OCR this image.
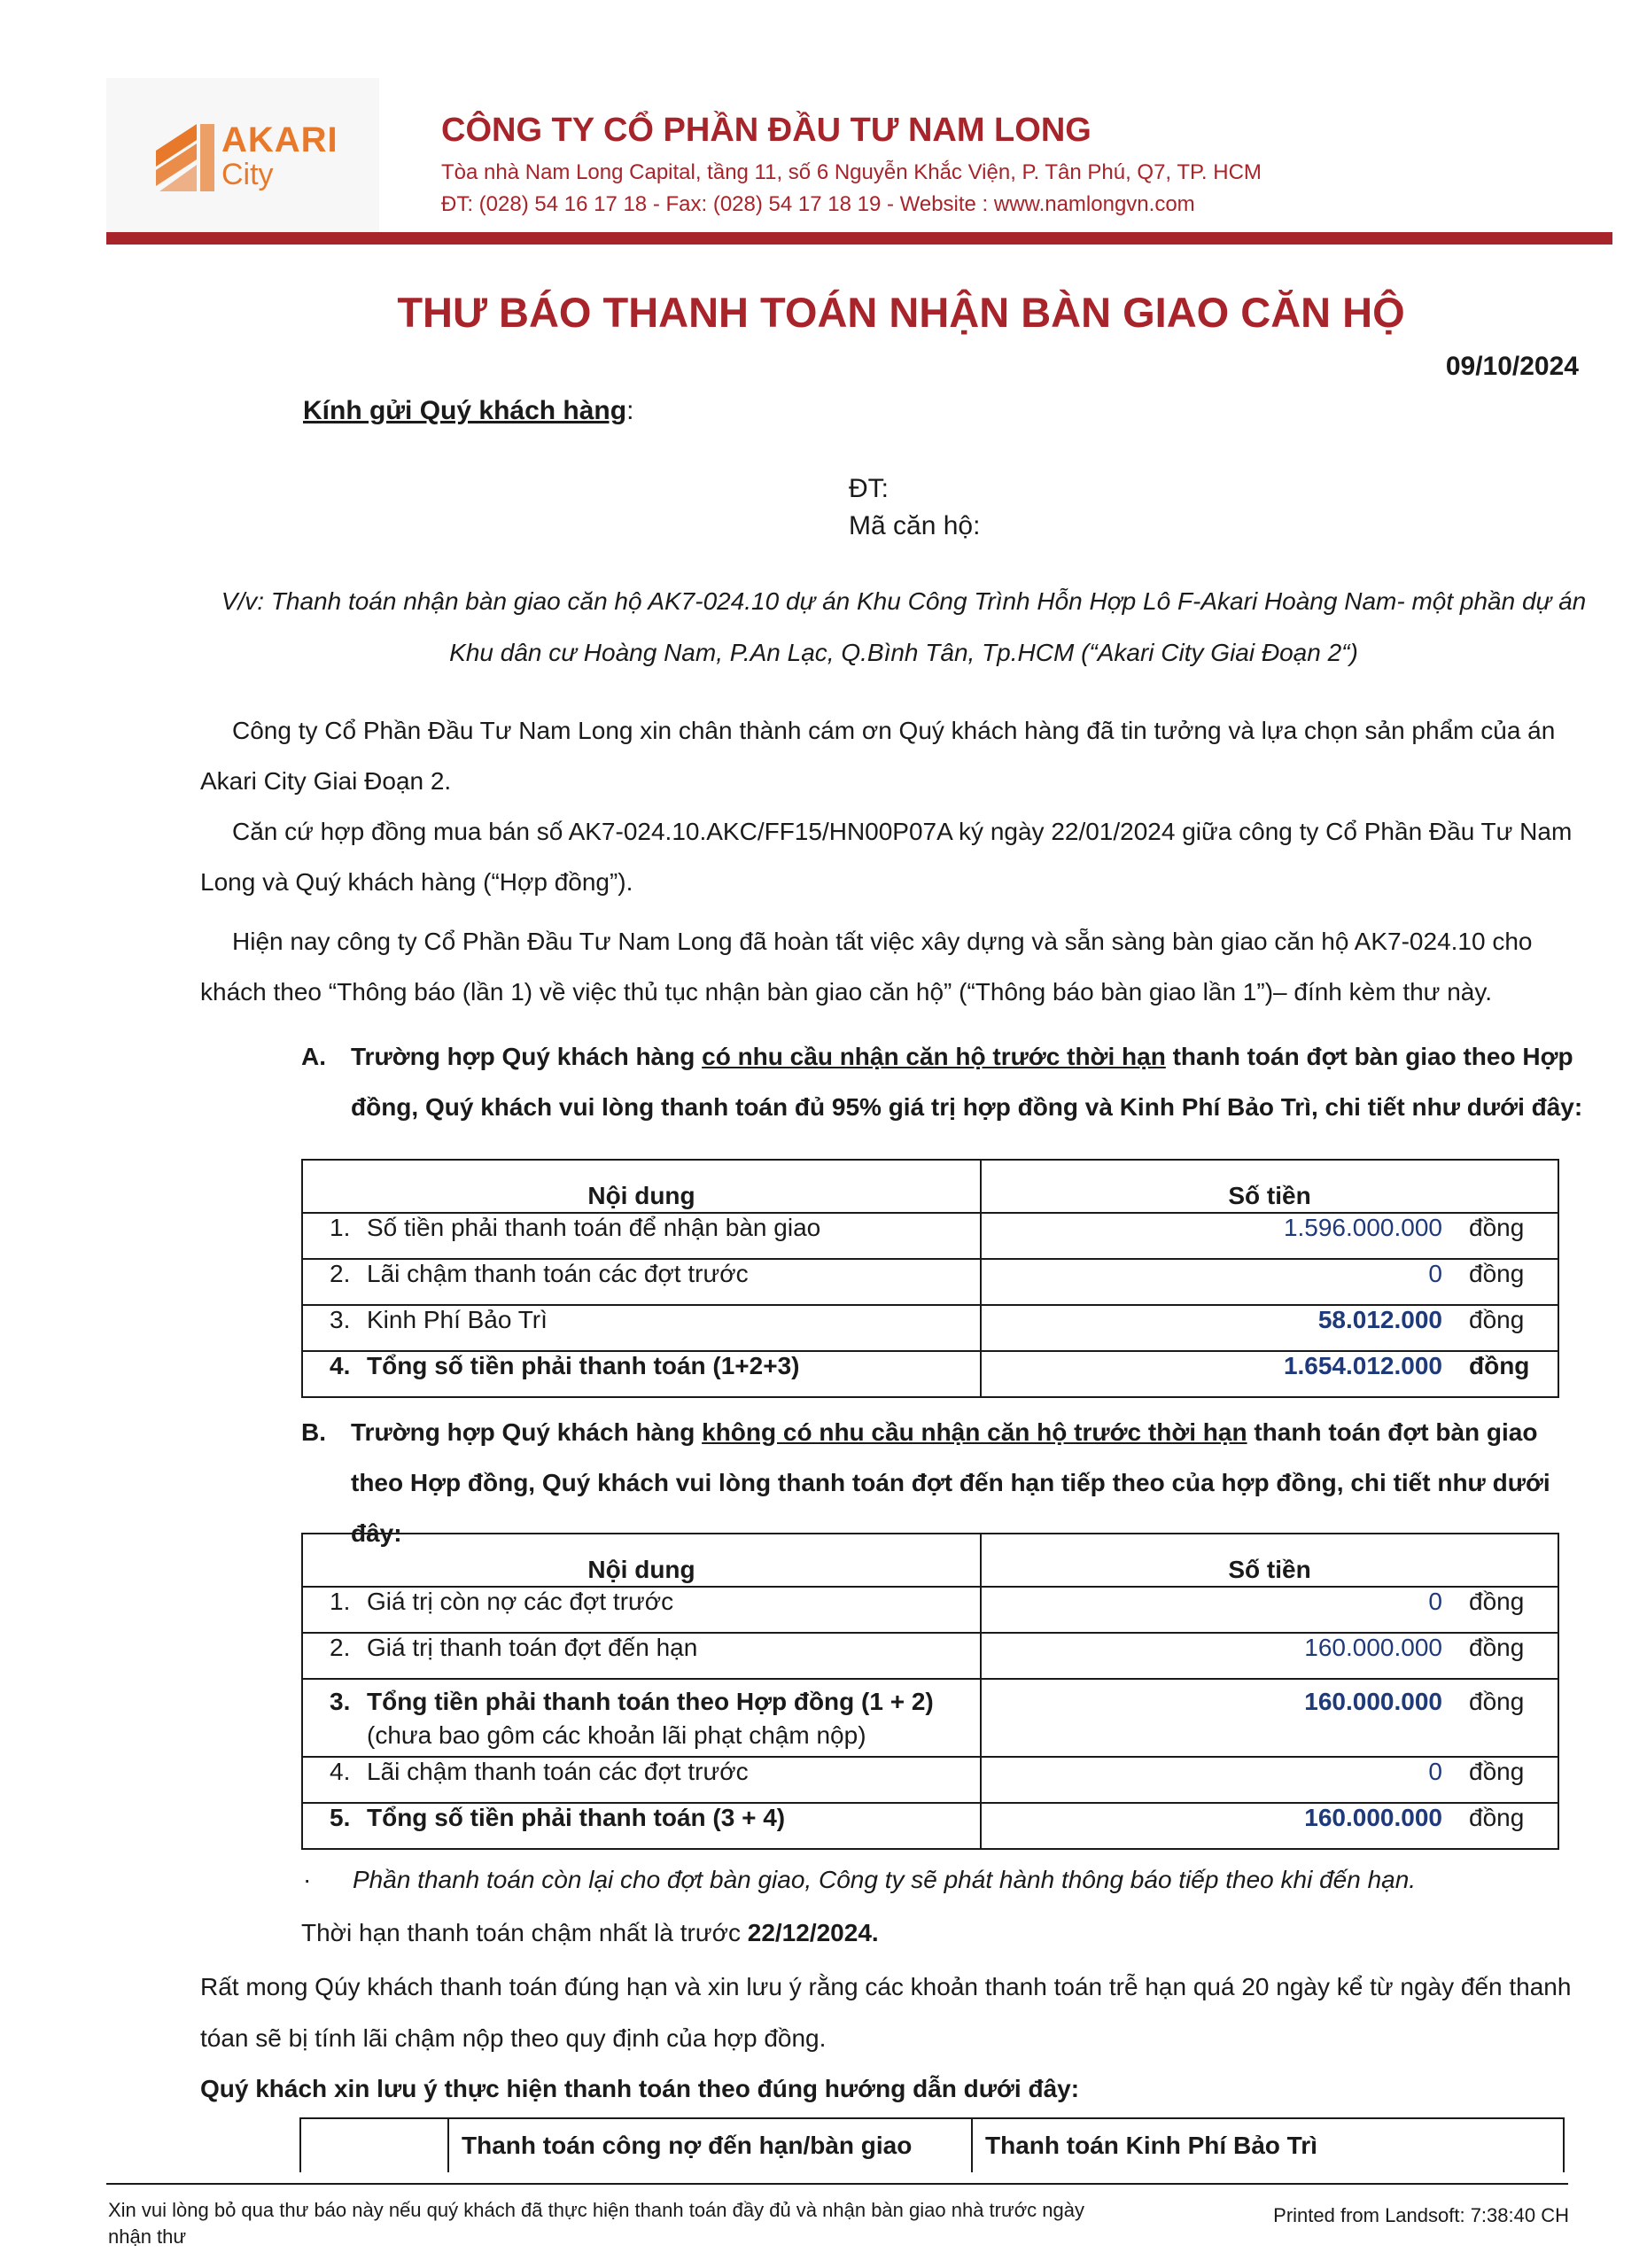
AKARI
City
CÔNG TY CỔ PHẦN ĐẦU TƯ NAM LONG
Tòa nhà Nam Long Capital, tầng 11, số 6 Nguyễn Khắc Viện, P. Tân Phú, Q7, TP. HCM
ĐT: (028) 54 16 17 18 - Fax: (028) 54 17 18 19 - Website : www.namlongvn.com
THƯ BÁO THANH TOÁN NHẬN BÀN GIAO CĂN HỘ
09/10/2024
Kính gửi Quý khách hàng:
ĐT:
Mã căn hộ:
V/v: Thanh toán nhận bàn giao căn hộ AK7-024.10 dự án Khu Công Trình Hỗn Hợp Lô F-Akari Hoàng Nam- một phần dự án Khu dân cư Hoàng Nam, P.An Lạc, Q.Bình Tân, Tp.HCM (“Akari City Giai Đoạn 2“)
Công ty Cổ Phần Đầu Tư Nam Long xin chân thành cám ơn Quý khách hàng đã tin tưởng và lựa chọn sản phẩm của án Akari City Giai Đoạn 2.
Căn cứ hợp đồng mua bán số AK7-024.10.AKC/FF15/HN00P07A ký ngày 22/01/2024 giữa công ty Cổ Phần Đầu Tư Nam Long và Quý khách hàng (“Hợp đồng”).
Hiện nay công ty Cổ Phần Đầu Tư Nam Long đã hoàn tất việc xây dựng và sẵn sàng bàn giao căn hộ AK7-024.10 cho khách theo “Thông báo (lần 1) về việc thủ tục nhận bàn giao căn hộ” (“Thông báo bàn giao lần 1”)– đính kèm thư này.
A.	Trường hợp Quý khách hàng có nhu cầu nhận căn hộ trước thời hạn thanh toán đợt bàn giao theo Hợp đồng, Quý khách vui lòng thanh toán đủ 95% giá trị hợp đồng và Kinh Phí Bảo Trì, chi tiết như dưới đây:
Nội dung	Số tiền
1. Số tiền phải thanh toán để nhận bàn giao	1.596.000.000 đồng
2. Lãi chậm thanh toán các đợt trước	0 đồng
3. Kinh Phí Bảo Trì	58.012.000 đồng
4. Tổng số tiền phải thanh toán (1+2+3)	1.654.012.000 đồng
B.	Trường hợp Quý khách hàng không có nhu cầu nhận căn hộ trước thời hạn thanh toán đợt bàn giao theo Hợp đồng, Quý khách vui lòng thanh toán đợt đến hạn tiếp theo của hợp đồng, chi tiết như dưới đây:
Nội dung	Số tiền
1. Giá trị còn nợ các đợt trước	0 đồng
2. Giá trị thanh toán đợt đến hạn	160.000.000 đồng
3. Tổng tiền phải thanh toán theo Hợp đồng (1 + 2)
(chưa bao gôm các khoản lãi phạt chậm nộp)	160.000.000 đồng
4. Lãi chậm thanh toán các đợt trước	0 đồng
5. Tổng số tiền phải thanh toán (3 + 4)	160.000.000 đồng
· Phần thanh toán còn lại cho đợt bàn giao, Công ty sẽ phát hành thông báo tiếp theo khi đến hạn.
Thời hạn thanh toán chậm nhất là trước 22/12/2024.
Rất mong Qúy khách thanh toán đúng hạn và xin lưu ý rằng các khoản thanh toán trễ hạn quá 20 ngày kể từ ngày đến thanh tóan sẽ bị tính lãi chậm nộp theo quy định của hợp đồng.
Quý khách xin lưu ý thực hiện thanh toán theo đúng hướng dẫn dưới đây:
	Thanh toán công nợ đến hạn/bàn giao	Thanh toán Kinh Phí Bảo Trì
Xin vui lòng bỏ qua thư báo này nếu quý khách đã thực hiện thanh toán đầy đủ và nhận bàn giao nhà trước ngày nhận thư
Printed from Landsoft: 7:38:40 CH
